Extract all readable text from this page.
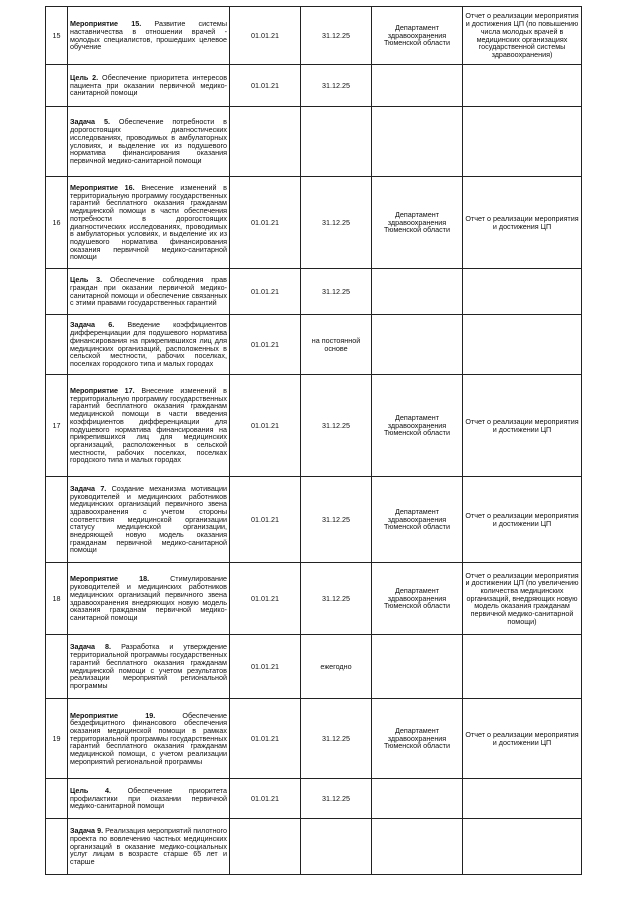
15	Мероприятие 15. Развитие системы наставничества в отношении врачей - молодых специалистов, прошедших целевое обучение	01.01.21	31.12.25	Департамент здравоохранения Тюменской области	Отчет о реализации мероприятия и достижения ЦП (по повышению числа молодых врачей в медицинских организациях государственной системы здравоохранения)
	Цель 2. Обеспечение приоритета интересов пациента при оказании первичной медико-санитарной помощи	01.01.21	31.12.25		
	Задача 5. Обеспечение потребности в дорогостоящих диагностических исследованиях, проводимых в амбулаторных условиях, и выделение их из подушевого норматива финансирования оказания первичной медико-санитарной помощи				
16	Мероприятие 16. Внесение изменений в территориальную программу государственных гарантий бесплатного оказания гражданам медицинской помощи в части обеспечения потребности в дорогостоящих диагностических исследованиях, проводимых в амбулаторных условиях, и выделение их из подушевого норматива финансирования оказания первичной медико-санитарной помощи	01.01.21	31.12.25	Департамент здравоохранения Тюменской области	Отчет о реализации мероприятия и достижения ЦП
	Цель 3. Обеспечение соблюдения прав граждан при оказании первичной медико-санитарной помощи и обеспечение связанных с этими правами государственных гарантий	01.01.21	31.12.25		
	Задача 6. Введение коэффициентов дифференциации для подушевого норматива финансирования на прикрепившихся лиц для медицинских организаций, расположенных в сельской местности, рабочих поселках, поселках городского типа и малых городах	01.01.21	на постоянной основе		
17	Мероприятие 17. Внесение изменений в территориальную программу государственных гарантий бесплатного оказания гражданам медицинской помощи в части введения коэффициентов дифференциации для подушевого норматива финансирования на прикрепившихся лиц для медицинских организаций, расположенных в сельской местности, рабочих поселках, поселках городского типа и малых городах	01.01.21	31.12.25	Департамент здравоохранения Тюменской области	Отчет о реализации мероприятия и достижении ЦП
	Задача 7. Создание механизма мотивации руководителей и медицинских работников медицинских организаций первичного звена здравоохранения с учетом стороны соответствия медицинской организации статусу медицинской организации, внедряющей новую модель оказания гражданам первичной медико-санитарной помощи	01.01.21	31.12.25	Департамент здравоохранения Тюменской области	Отчет о реализации мероприятия и достижении ЦП
18	Мероприятие 18. Стимулирование руководителей и медицинских работников медицинских организаций первичного звена здравоохранения внедряющих новую модель оказания гражданам первичной медико-санитарной помощи	01.01.21	31.12.25	Департамент здравоохранения Тюменской области	Отчет о реализации мероприятия и достижении ЦП (по увеличению количества медицинских организаций, внедряющих новую модель оказания гражданам первичной медико-санитарной помощи)
	Задача 8. Разработка и утверждение территориальной программы государственных гарантий бесплатного оказания гражданам медицинской помощи с учетом результатов реализации мероприятий региональной программы	01.01.21	ежегодно		
19	Мероприятие 19. Обеспечение бездефицитного финансового обеспечения оказания медицинской помощи в рамках территориальной программы государственных гарантий бесплатного оказания гражданам медицинской помощи, с учетом реализации мероприятий региональной программы	01.01.21	31.12.25	Департамент здравоохранения Тюменской области	Отчет о реализации мероприятия и достижении ЦП
	Цель 4. Обеспечение приоритета профилактики при оказании первичной медико-санитарной помощи	01.01.21	31.12.25		
	Задача 9. Реализация мероприятий пилотного проекта по вовлечению частных медицинских организаций в оказание медико-социальных услуг лицам в возрасте старше 65 лет и старше				
